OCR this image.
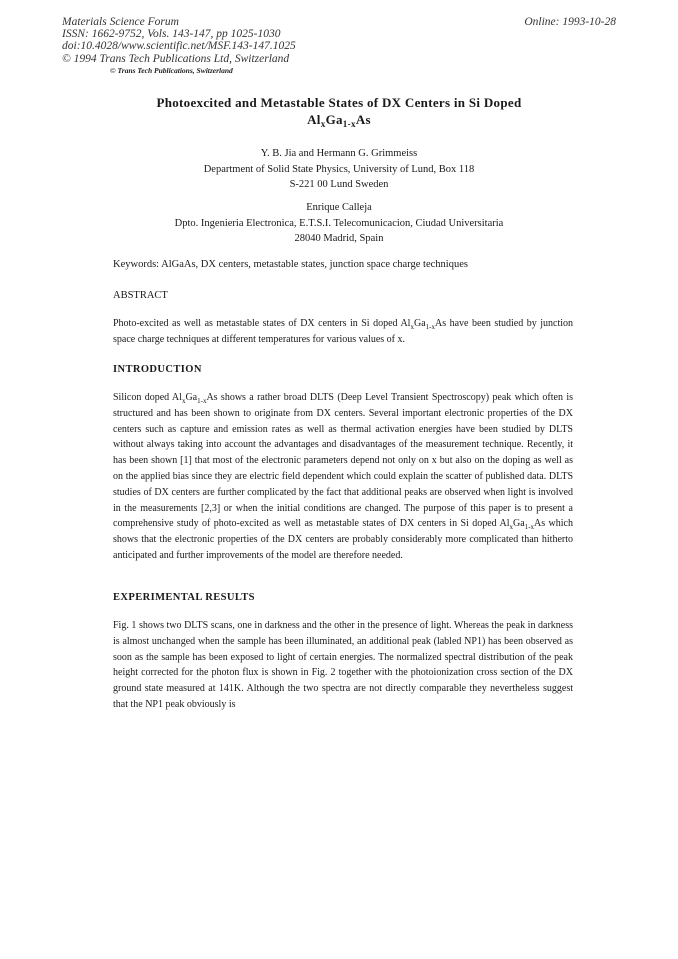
Materials Science Forum
ISSN: 1662-9752, Vols. 143-147, pp 1025-1030
doi:10.4028/www.scientific.net/MSF.143-147.1025
© 1994 Trans Tech Publications Ltd, Switzerland
© Trans Tech Publications, Switzerland
Online: 1993-10-28
Photoexcited and Metastable States of DX Centers in Si Doped
$Al_xGa_{1-x}As$
Y. B. Jia and Hermann G. Grimmeiss
Department of Solid State Physics, University of Lund, Box 118
S-221 00 Lund Sweden
Enrique Calleja
Dpto. Ingenieria Electronica, E.T.S.I. Telecomunicacion, Ciudad Universitaria
28040 Madrid, Spain
Keywords: AlGaAs, DX centers, metastable states, junction space charge techniques
ABSTRACT

Photo-excited as well as metastable states of DX centers in Si doped $Al_xGa_{1-x}As$ have been studied by junction space charge techniques at different temperatures for various values of x.

INTRODUCTION

Silicon doped $Al_xGa_{1-x}As$ shows a rather broad DLTS (Deep Level Transient Spectroscopy) peak which often is structured and has been shown to originate from DX centers. Several important electronic properties of the DX centers such as capture and emission rates as well as thermal activation energies have been studied by DLTS without always taking into account the advantages and disadvantages of the measurement technique. Recently, it has been shown [1] that most of the electronic parameters depend not only on x but also on the doping as well as on the applied bias since they are electric field dependent which could explain the scatter of published data. DLTS studies of DX centers are further complicated by the fact that additional peaks are observed when light is involved in the measurements [2,3] or when the initial conditions are changed. The purpose of this paper is to present a comprehensive study of photo-excited as well as metastable states of DX centers in Si doped $Al_xGa_{1-x}As$ which shows that the electronic properties of the DX centers are probably considerably more complicated than hitherto anticipated and further improvements of the model are therefore needed.

EXPERIMENTAL RESULTS

Fig. 1 shows two DLTS scans, one in darkness and the other in the presence of light. Whereas the peak in darkness is almost unchanged when the sample has been illuminated, an additional peak (labled NP1) has been observed as soon as the sample has been exposed to light of certain energies. The normalized spectral distribution of the peak height corrected for the photon flux is shown in Fig. 2 together with the photoionization cross section of the DX ground state measured at 141K. Although the two spectra are not directly comparable they nevertheless suggest that the NP1 peak obviously is
